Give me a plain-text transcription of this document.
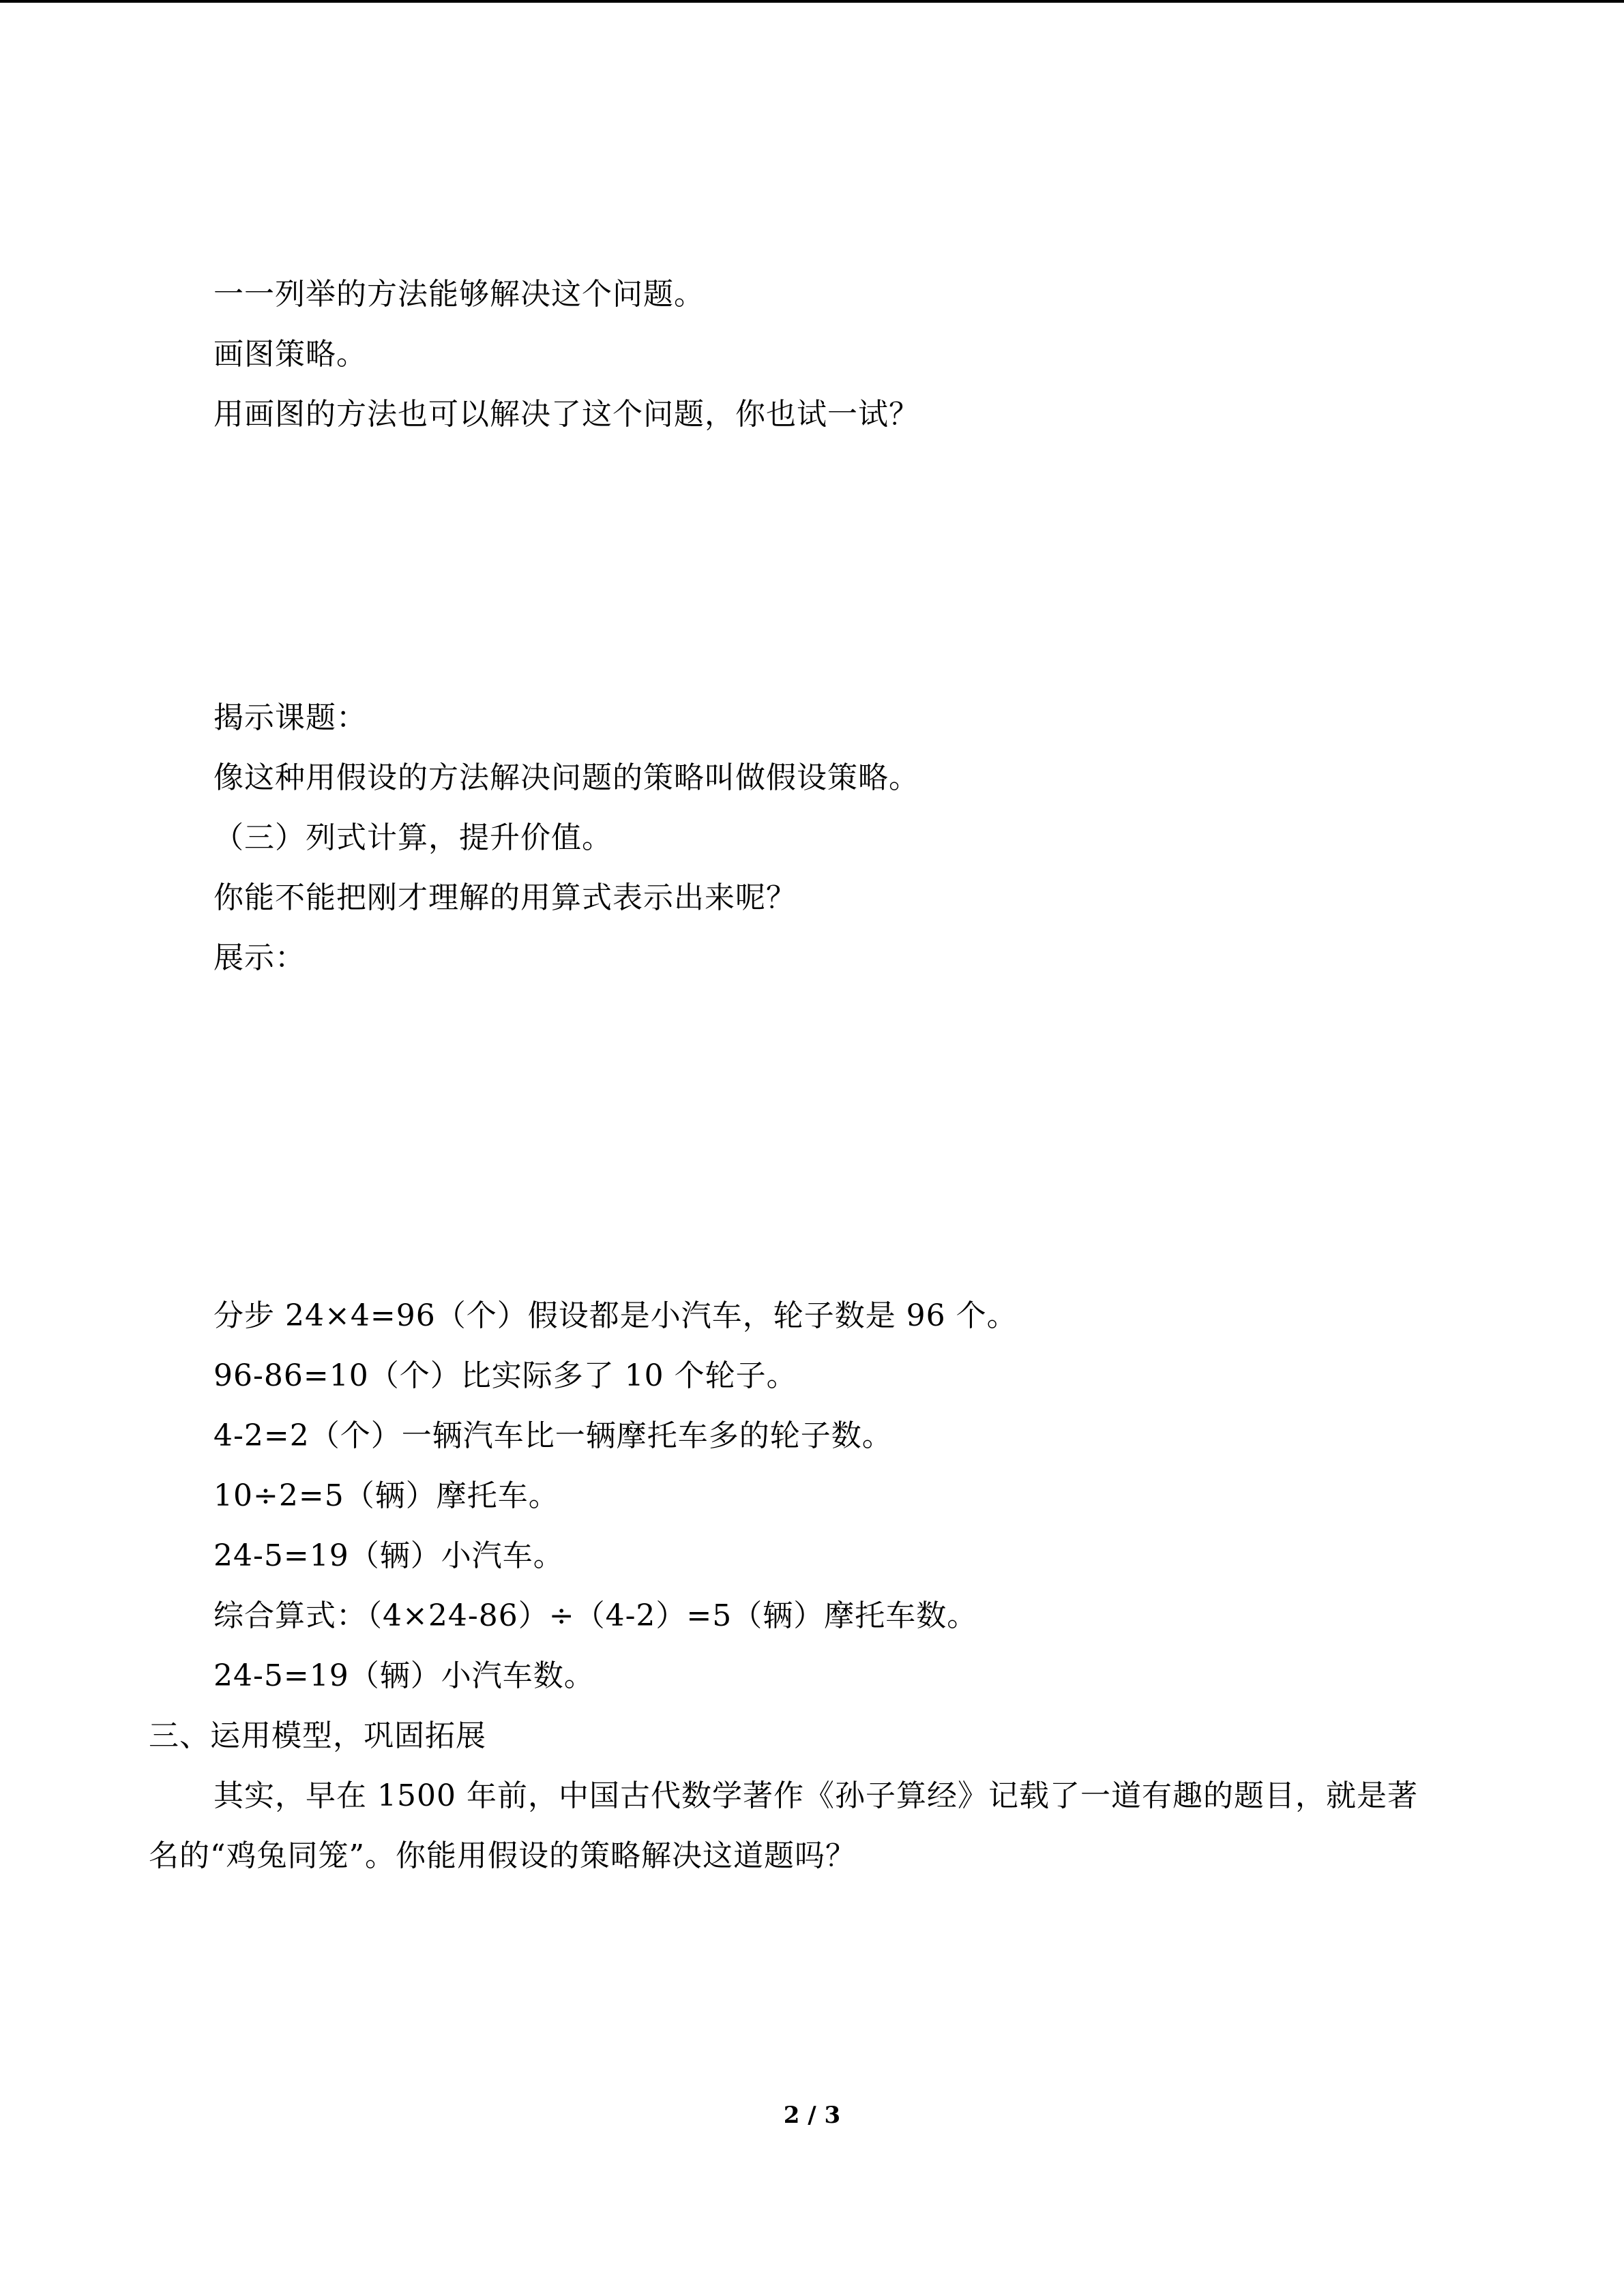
一一列举的方法能够解决这个问题。
画图策略。
用画图的方法也可以解决了这个问题，你也试一试？
揭示课题：
像这种用假设的方法解决问题的策略叫做假设策略。
（三）列式计算，提升价值。
你能不能把刚才理解的用算式表示出来呢？
展示：
分步 24×4=96（个）假设都是小汽车，轮子数是 96 个。
96-86=10（个）比实际多了 10 个轮子。
4-2=2（个）一辆汽车比一辆摩托车多的轮子数。
10÷2=5（辆）摩托车。
24-5=19（辆）小汽车。
综合算式：（4×24-86）÷（4-2）=5（辆）摩托车数。
24-5=19（辆）小汽车数。
三、运用模型，巩固拓展
其实，早在 1500 年前，中国古代数学著作《孙子算经》记载了一道有趣的题目，就是著
名的“鸡兔同笼”。你能用假设的策略解决这道题吗？
2 / 3
